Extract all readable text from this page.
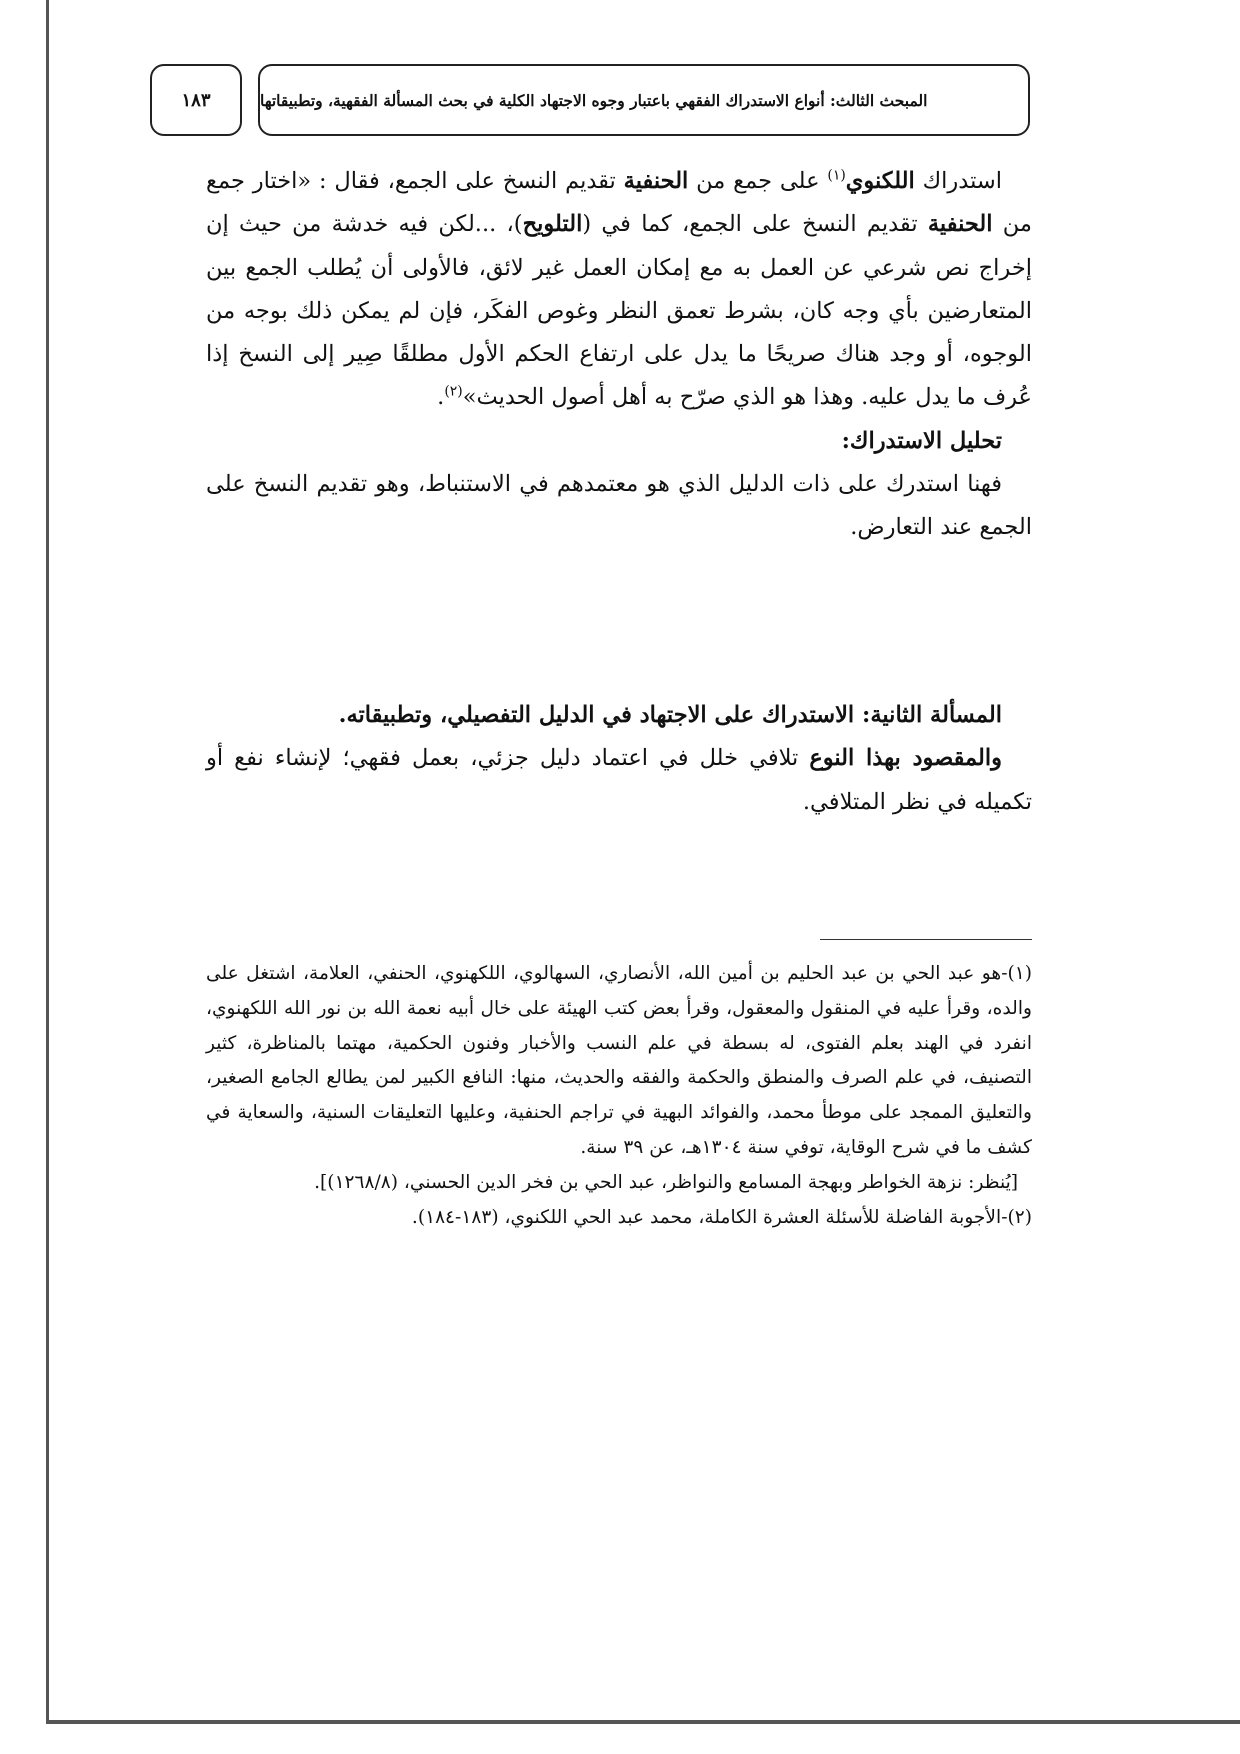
١٨٣	المبحث الثالث: أنواع الاستدراك الفقهي باعتبار وجوه الاجتهاد الكلية في بحث المسألة الفقهية، وتطبيقاتها

استدراك اللكنوي$^{(١)}$ على جمع من الحنفية تقديم النسخ على الجمع، فقال : «اختار جمع من الحنفية تقديم النسخ على الجمع، كما في (التلويح)، ...لكن فيه خدشة من حيث إن إخراج نص شرعي عن العمل به مع إمكان العمل غير لائق، فالأولى أن يُطلب الجمع بين المتعارضين بأي وجه كان، بشرط تعمق النظر وغوص الفكَر، فإن لم يمكن ذلك بوجه من الوجوه، أو وجد هناك صريحًا ما يدل على ارتفاع الحكم الأول مطلقًا صِير إلى النسخ إذا عُرف ما يدل عليه. وهذا هو الذي صرّح به أهل أصول الحديث»$^{(٢)}$.

تحليل الاستدراك:

فهنا استدرك على ذات الدليل الذي هو معتمدهم في الاستنباط، وهو تقديم النسخ على الجمع عند التعارض.

المسألة الثانية: الاستدراك على الاجتهاد في الدليل التفصيلي، وتطبيقاته.

والمقصود بهذا النوع تلافي خلل في اعتماد دليل جزئي، بعمل فقهي؛ لإنشاء نفع أو تكميله في نظر المتلافي.

(١)-هو عبد الحي بن عبد الحليم بن أمين الله، الأنصاري، السهالوي، اللكهنوي، الحنفي، العلامة، اشتغل على والده، وقرأ عليه في المنقول والمعقول، وقرأ بعض كتب الهيئة على خال أبيه نعمة الله بن نور الله اللكهنوي، انفرد في الهند بعلم الفتوى، له بسطة في علم النسب والأخبار وفنون الحكمية، مهتما بالمناظرة، كثير التصنيف، في علم الصرف والمنطق والحكمة والفقه والحديث، منها: النافع الكبير لمن يطالع الجامع الصغير، والتعليق الممجد على موطأ محمد، والفوائد البهية في تراجم الحنفية، وعليها التعليقات السنية، والسعاية في كشف ما في شرح الوقاية، توفي سنة ١٣٠٤هـ، عن ٣٩ سنة.

[يُنظر: نزهة الخواطر وبهجة المسامع والنواظر، عبد الحي بن فخر الدين الحسني، (١٢٦٨/٨)].

(٢)-الأجوبة الفاضلة للأسئلة العشرة الكاملة، محمد عبد الحي اللكنوي، (١٨٣-١٨٤).
